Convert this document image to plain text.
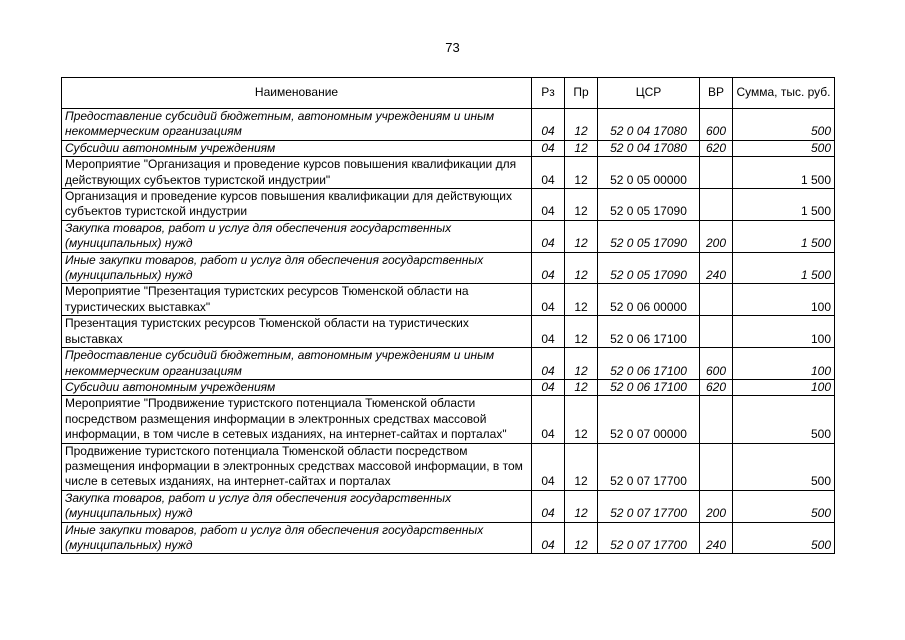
73
Наименование	Рз	Пр	ЦСР	ВР	Сумма, тыс. руб.
Предоставление субсидий бюджетным, автономным учреждениям и иным некоммерческим организациям	04	12	52 0 04 17080	600	500
Субсидии автономным учреждениям	04	12	52 0 04 17080	620	500
Мероприятие "Организация и проведение курсов повышения квалификации для действующих субъектов туристской индустрии"	04	12	52 0 05 00000		1 500
Организация и проведение курсов повышения квалификации для действующих субъектов туристской индустрии	04	12	52 0 05 17090		1 500
Закупка товаров, работ и услуг для обеспечения государственных (муниципальных) нужд	04	12	52 0 05 17090	200	1 500
Иные закупки товаров, работ и услуг для обеспечения государственных (муниципальных) нужд	04	12	52 0 05 17090	240	1 500
Мероприятие "Презентация туристских ресурсов Тюменской области на туристических выставках"	04	12	52 0 06 00000		100
Презентация туристских ресурсов Тюменской области на туристических выставках	04	12	52 0 06 17100		100
Предоставление субсидий бюджетным, автономным учреждениям и иным некоммерческим организациям	04	12	52 0 06 17100	600	100
Субсидии автономным учреждениям	04	12	52 0 06 17100	620	100
Мероприятие "Продвижение туристского потенциала Тюменской области посредством размещения информации в электронных средствах массовой информации, в том числе в сетевых изданиях, на интернет-сайтах и порталах"	04	12	52 0 07 00000		500
Продвижение туристского потенциала Тюменской области посредством размещения информации в электронных средствах массовой информации, в том числе в сетевых изданиях, на интернет-сайтах и порталах	04	12	52 0 07 17700		500
Закупка товаров, работ и услуг для обеспечения государственных (муниципальных) нужд	04	12	52 0 07 17700	200	500
Иные закупки товаров, работ и услуг для обеспечения государственных (муниципальных) нужд	04	12	52 0 07 17700	240	500
